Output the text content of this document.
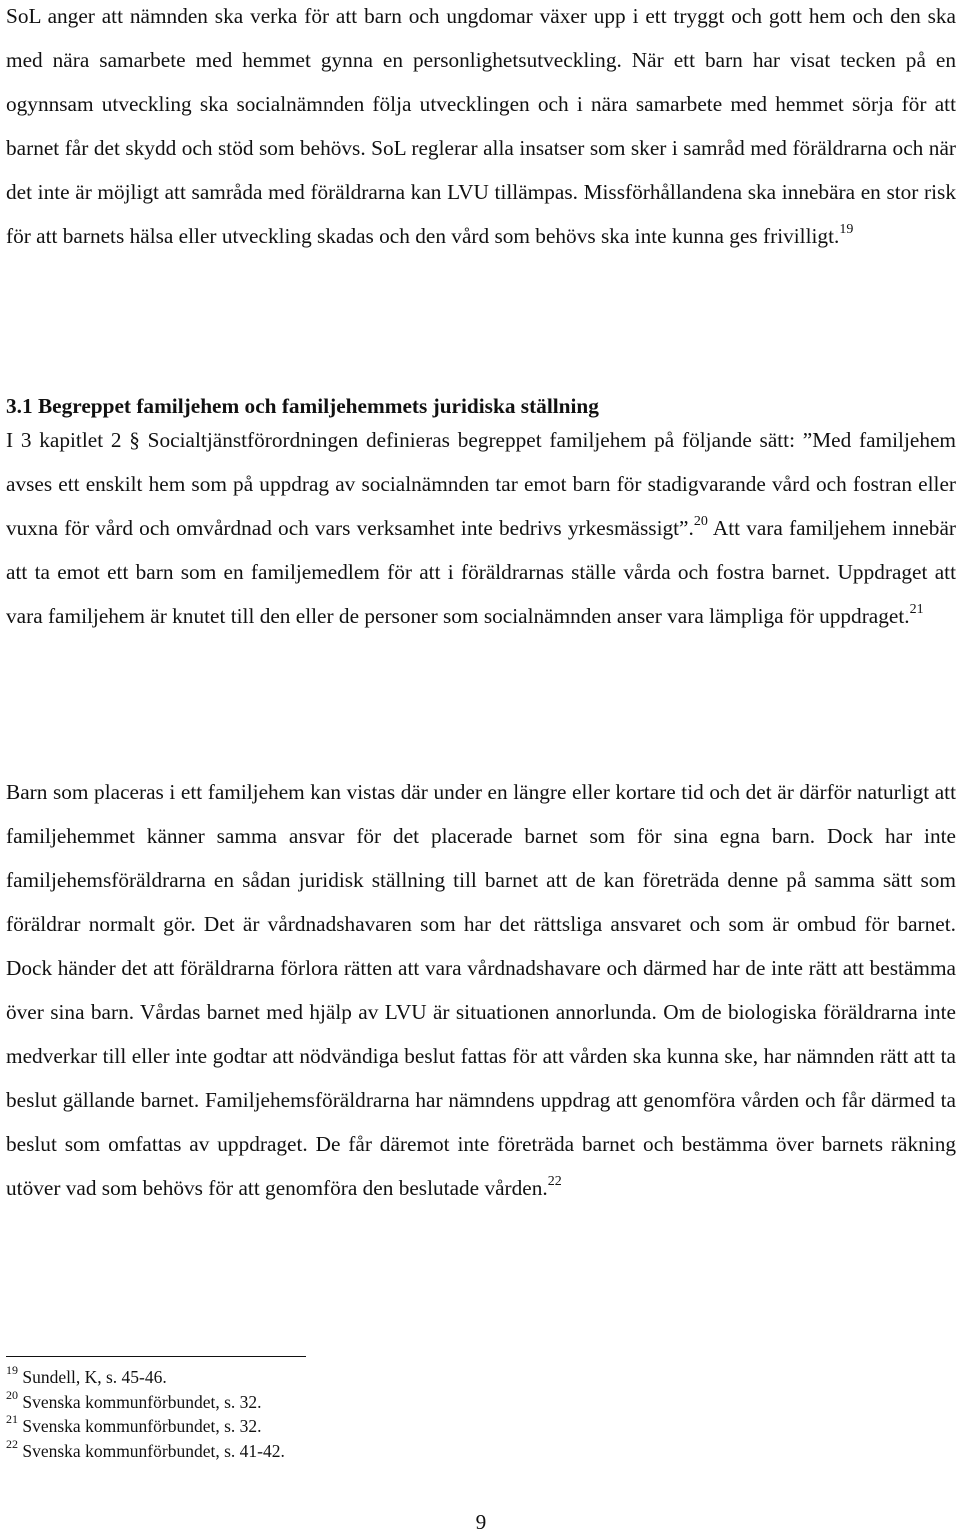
SoL anger att nämnden ska verka för att barn och ungdomar växer upp i ett tryggt och gott hem och den ska med nära samarbete med hemmet gynna en personlighetsutveckling. När ett barn har visat tecken på en ogynnsam utveckling ska socialnämnden följa utvecklingen och i nära samarbete med hemmet sörja för att barnet får det skydd och stöd som behövs. SoL reglerar alla insatser som sker i samråd med föräldrarna och när det inte är möjligt att samråda med föräldrarna kan LVU tillämpas. Missförhållandena ska innebära en stor risk för att barnets hälsa eller utveckling skadas och den vård som behövs ska inte kunna ges frivilligt.$^{19}$

3.1 Begreppet familjehem och familjehemmets juridiska ställning

I 3 kapitlet 2 § Socialtjänstförordningen definieras begreppet familjehem på följande sätt: ”Med familjehem avses ett enskilt hem som på uppdrag av socialnämnden tar emot barn för stadigvarande vård och fostran eller vuxna för vård och omvårdnad och vars verksamhet inte bedrivs yrkesmässigt”.$^{20}$ Att vara familjehem innebär att ta emot ett barn som en familjemedlem för att i föräldrarnas ställe vårda och fostra barnet. Uppdraget att vara familjehem är knutet till den eller de personer som socialnämnden anser vara lämpliga för uppdraget.$^{21}$

Barn som placeras i ett familjehem kan vistas där under en längre eller kortare tid och det är därför naturligt att familjehemmet känner samma ansvar för det placerade barnet som för sina egna barn. Dock har inte familjehemsföräldrarna en sådan juridisk ställning till barnet att de kan företräda denne på samma sätt som föräldrar normalt gör. Det är vårdnadshavaren som har det rättsliga ansvaret och som är ombud för barnet. Dock händer det att föräldrarna förlora rätten att vara vårdnadshavare och därmed har de inte rätt att bestämma över sina barn. Vårdas barnet med hjälp av LVU är situationen annorlunda. Om de biologiska föräldrarna inte medverkar till eller inte godtar att nödvändiga beslut fattas för att vården ska kunna ske, har nämnden rätt att ta beslut gällande barnet. Familjehemsföräldrarna har nämndens uppdrag att genomföra vården och får därmed ta beslut som omfattas av uppdraget. De får däremot inte företräda barnet och bestämma över barnets räkning utöver vad som behövs för att genomföra den beslutade vården.$^{22}$

$^{19}$ Sundell, K, s. 45-46.

$^{20}$ Svenska kommunförbundet, s. 32.

$^{21}$ Svenska kommunförbundet, s. 32.

$^{22}$ Svenska kommunförbundet, s. 41-42.

9
